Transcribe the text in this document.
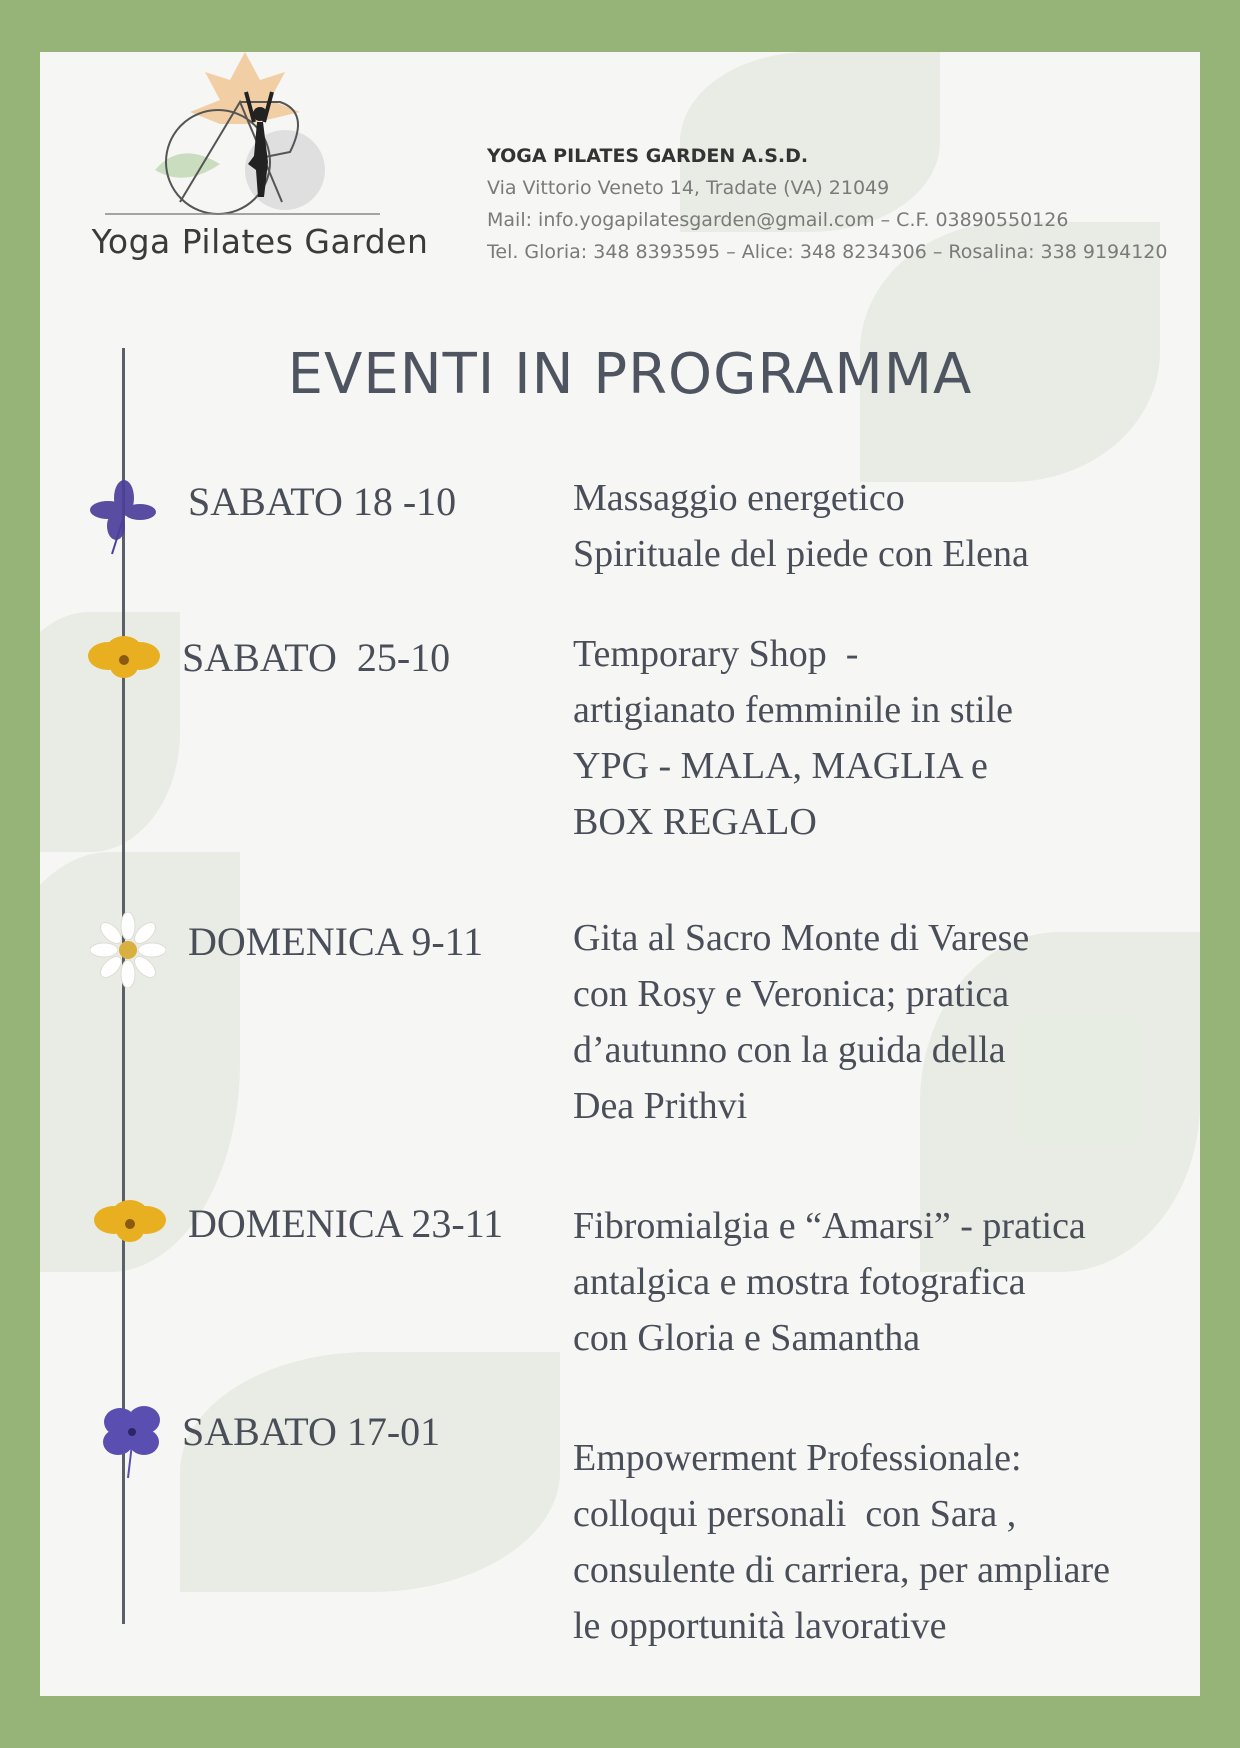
Yoga Pilates Garden
YOGA PILATES GARDEN A.S.D.
Via Vittorio Veneto 14, Tradate (VA) 21049
Mail: info.yogapilatesgarden@gmail.com – C.F. 03890550126
Tel. Gloria: 348 8393595 – Alice: 348 8234306 – Rosalina: 338 9194120
EVENTI IN PROGRAMMA
SABATO 18 -10	Massaggio energetico
Spirituale del piede con Elena
SABATO  25-10	Temporary Shop  -
artigianato femminile in stile
YPG - MALA, MAGLIA e
BOX REGALO
DOMENICA 9-11 Gita al Sacro Monte di Varese
con Rosy e Veronica; pratica
d’autunno con la guida della
Dea Prithvi
DOMENICA 23-11 Fibromialgia e “Amarsi” - pratica
antalgica e mostra fotografica
con Gloria e Samantha
SABATO 17-01
Empowerment Professionale:
colloqui personali  con Sara ,
consulente di carriera, per ampliare
le opportunità lavorative
